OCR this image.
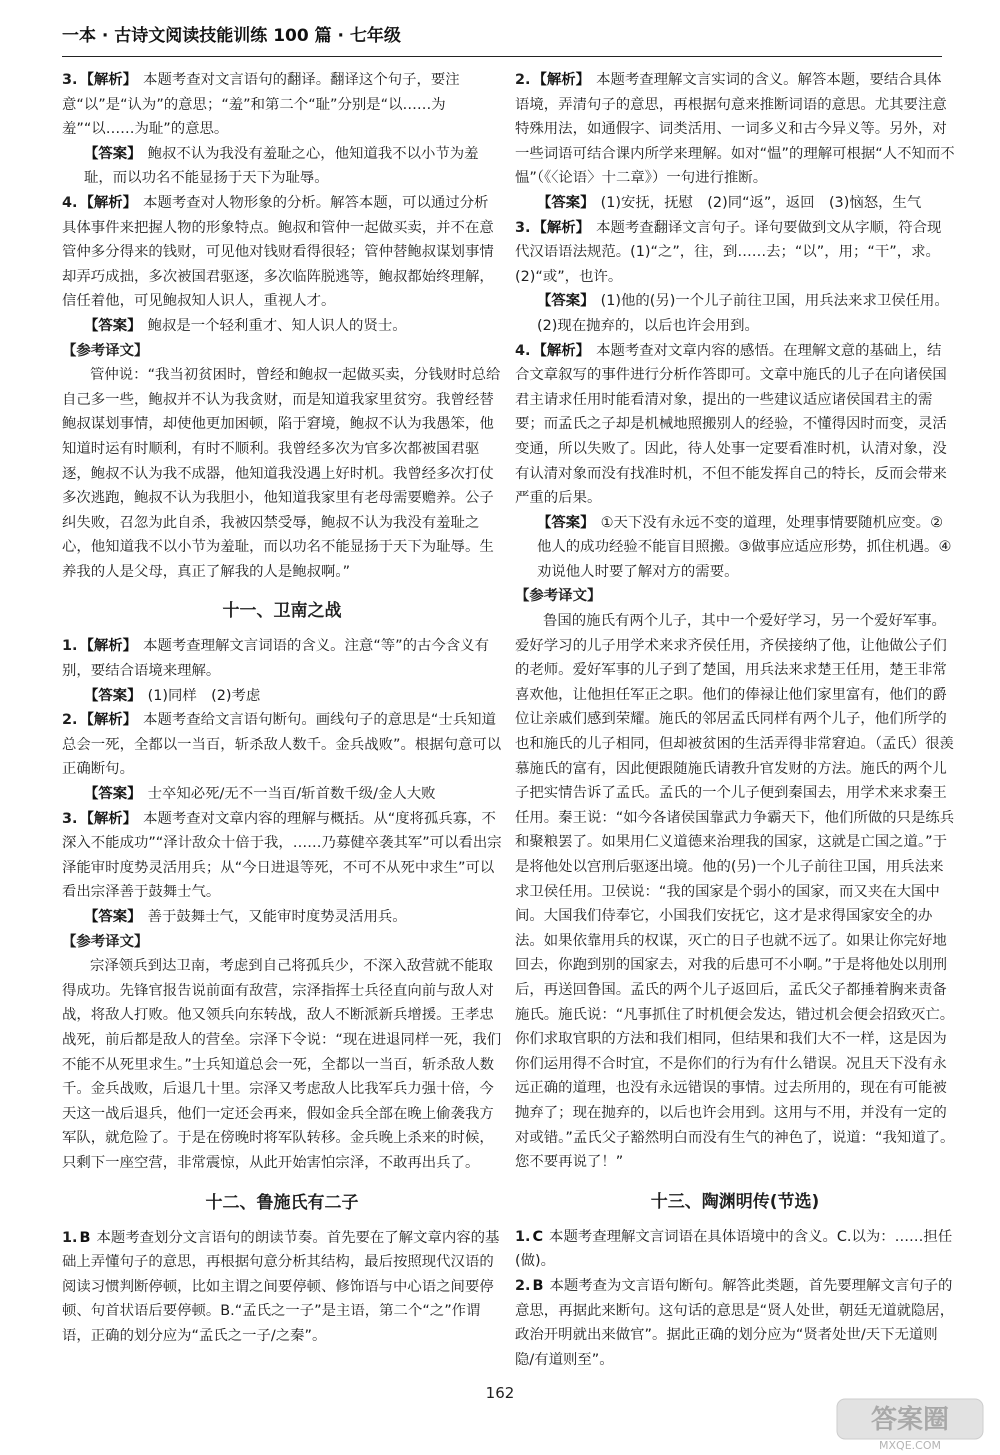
一本 · 古诗文阅读技能训练 100 篇 · 七年级
3. 【解析】 本题考查对文言语句的翻译。翻译这个句子，要注意“以”是“认为”的意思；“羞”和第二个“耻”分别是“以……为羞”“以……为耻”的意思。
【答案】 鲍叔不认为我没有羞耻之心，他知道我不以小节为羞耻，而以功名不能显扬于天下为耻辱。
4. 【解析】 本题考查对人物形象的分析。解答本题，可以通过分析具体事件来把握人物的形象特点。鲍叔和管仲一起做买卖，并不在意管仲多分得来的钱财，可见他对钱财看得很轻；管仲替鲍叔谋划事情却弄巧成拙，多次被国君驱逐，多次临阵脱逃等，鲍叔都始终理解，信任着他，可见鲍叔知人识人，重视人才。
【答案】 鲍叔是一个轻利重才、知人识人的贤士。
【参考译文】
管仲说：“我当初贫困时，曾经和鲍叔一起做买卖，分钱财时总给自己多一些，鲍叔并不认为我贪财，而是知道我家里贫穷。我曾经替鲍叔谋划事情，却使他更加困顿，陷于窘境，鲍叔不认为我愚笨，他知道时运有时顺利，有时不顺利。我曾经多次为官多次都被国君驱逐，鲍叔不认为我不成器，他知道我没遇上好时机。我曾经多次打仗多次逃跑，鲍叔不认为我胆小，他知道我家里有老母需要赡养。公子纠失败，召忽为此自杀，我被囚禁受辱，鲍叔不认为我没有羞耻之心，他知道我不以小节为羞耻，而以功名不能显扬于天下为耻辱。生养我的人是父母，真正了解我的人是鲍叔啊。”
十一、卫南之战
1. 【解析】 本题考查理解文言词语的含义。注意“等”的古今含义有别，要结合语境来理解。
【答案】 (1)同样　(2)考虑
2. 【解析】 本题考查给文言语句断句。画线句子的意思是“士兵知道总会一死，全都以一当百，斩杀敌人数千。金兵战败”。根据句意可以正确断句。
【答案】 士卒知必死/无不一当百/斩首数千级/金人大败
3. 【解析】 本题考查对文章内容的理解与概括。从“度将孤兵寡，不深入不能成功”“泽计敌众十倍于我，……乃募健卒袭其军”可以看出宗泽能审时度势灵活用兵；从“今日进退等死，不可不从死中求生”可以看出宗泽善于鼓舞士气。
【答案】 善于鼓舞士气，又能审时度势灵活用兵。
【参考译文】
宗泽领兵到达卫南，考虑到自己将孤兵少，不深入敌营就不能取得成功。先锋官报告说前面有敌营，宗泽指挥士兵径直向前与敌人对战，将敌人打败。他又领兵向东转战，敌人不断派新兵增援。王孝忠战死，前后都是敌人的营垒。宗泽下令说：“现在进退同样一死，我们不能不从死里求生。”士兵知道总会一死，全都以一当百，斩杀敌人数千。金兵战败，后退几十里。宗泽又考虑敌人比我军兵力强十倍，今天这一战后退兵，他们一定还会再来，假如金兵全部在晚上偷袭我方军队，就危险了。于是在傍晚时将军队转移。金兵晚上杀来的时候，只剩下一座空营，非常震惊，从此开始害怕宗泽，不敢再出兵了。
十二、鲁施氏有二子
1. B 本题考查划分文言语句的朗读节奏。首先要在了解文章内容的基础上弄懂句子的意思，再根据句意分析其结构，最后按照现代汉语的阅读习惯判断停顿，比如主谓之间要停顿、修饰语与中心语之间要停顿、句首状语后要停顿。B.“孟氏之一子”是主语，第二个“之”作谓语，正确的划分应为“孟氏之一子/之秦”。
2. 【解析】 本题考查理解文言实词的含义。解答本题，要结合具体语境，弄清句子的意思，再根据句意来推断词语的意思。尤其要注意特殊用法，如通假字、词类活用、一词多义和古今异义等。另外，对一些词语可结合课内所学来理解。如对“愠”的理解可根据“人不知而不愠”（《〈论语〉十二章》）一句进行推断。
【答案】 (1)安抚，抚慰　(2)同“返”，返回　(3)恼怒，生气
3. 【解析】 本题考查翻译文言句子。译句要做到文从字顺，符合现代汉语语法规范。(1)“之”，往，到……去；“以”，用；“干”，求。(2)“或”，也许。
【答案】 (1)他的(另)一个儿子前往卫国，用兵法来求卫侯任用。
(2)现在抛弃的，以后也许会用到。
4. 【解析】 本题考查对文章内容的感悟。在理解文意的基础上，结合文章叙写的事件进行分析作答即可。文章中施氏的儿子在向诸侯国君主请求任用时能看清对象，提出的一些建议适应诸侯国君主的需要；而孟氏之子却是机械地照搬别人的经验，不懂得因时而变，灵活变通，所以失败了。因此，待人处事一定要看准时机，认清对象，没有认清对象而没有找准时机，不但不能发挥自己的特长，反而会带来严重的后果。
【答案】 ①天下没有永远不变的道理，处理事情要随机应变。②他人的成功经验不能盲目照搬。③做事应适应形势，抓住机遇。④劝说他人时要了解对方的需要。
【参考译文】
鲁国的施氏有两个儿子，其中一个爱好学习，另一个爱好军事。爱好学习的儿子用学术来求齐侯任用，齐侯接纳了他，让他做公子们的老师。爱好军事的儿子到了楚国，用兵法来求楚王任用，楚王非常喜欢他，让他担任军正之职。他们的俸禄让他们家里富有，他们的爵位让亲戚们感到荣耀。施氏的邻居孟氏同样有两个儿子，他们所学的也和施氏的儿子相同，但却被贫困的生活弄得非常窘迫。（孟氏）很羡慕施氏的富有，因此便跟随施氏请教升官发财的方法。施氏的两个儿子把实情告诉了孟氏。孟氏的一个儿子便到秦国去，用学术来求秦王任用。秦王说：“如今各诸侯国靠武力争霸天下，他们所做的只是练兵和聚粮罢了。如果用仁义道德来治理我的国家，这就是亡国之道。”于是将他处以宫刑后驱逐出境。他的(另)一个儿子前往卫国，用兵法来求卫侯任用。卫侯说：“我的国家是个弱小的国家，而又夹在大国中间。大国我们侍奉它，小国我们安抚它，这才是求得国家安全的办法。如果依靠用兵的权谋，灭亡的日子也就不远了。如果让你完好地回去，你跑到别的国家去，对我的后患可不小啊。”于是将他处以刖刑后，再送回鲁国。孟氏的两个儿子返回后，孟氏父子都捶着胸来责备施氏。施氏说：“凡事抓住了时机便会发达，错过机会便会招致灭亡。你们求取官职的方法和我们相同，但结果和我们大不一样，这是因为你们运用得不合时宜，不是你们的行为有什么错误。况且天下没有永远正确的道理，也没有永远错误的事情。过去所用的，现在有可能被抛弃了；现在抛弃的，以后也许会用到。这用与不用，并没有一定的对或错。”孟氏父子豁然明白而没有生气的神色了，说道：“我知道了。您不要再说了！”
十三、陶渊明传(节选)
1. C 本题考查理解文言词语在具体语境中的含义。C.以为：……担任(做)。
2. B 本题考查为文言语句断句。解答此类题，首先要理解文言句子的意思，再据此来断句。这句话的意思是“贤人处世，朝廷无道就隐居，政治开明就出来做官”。据此正确的划分应为“贤者处世/天下无道则隐/有道则至”。
162
答案圈
MXQE.COM
